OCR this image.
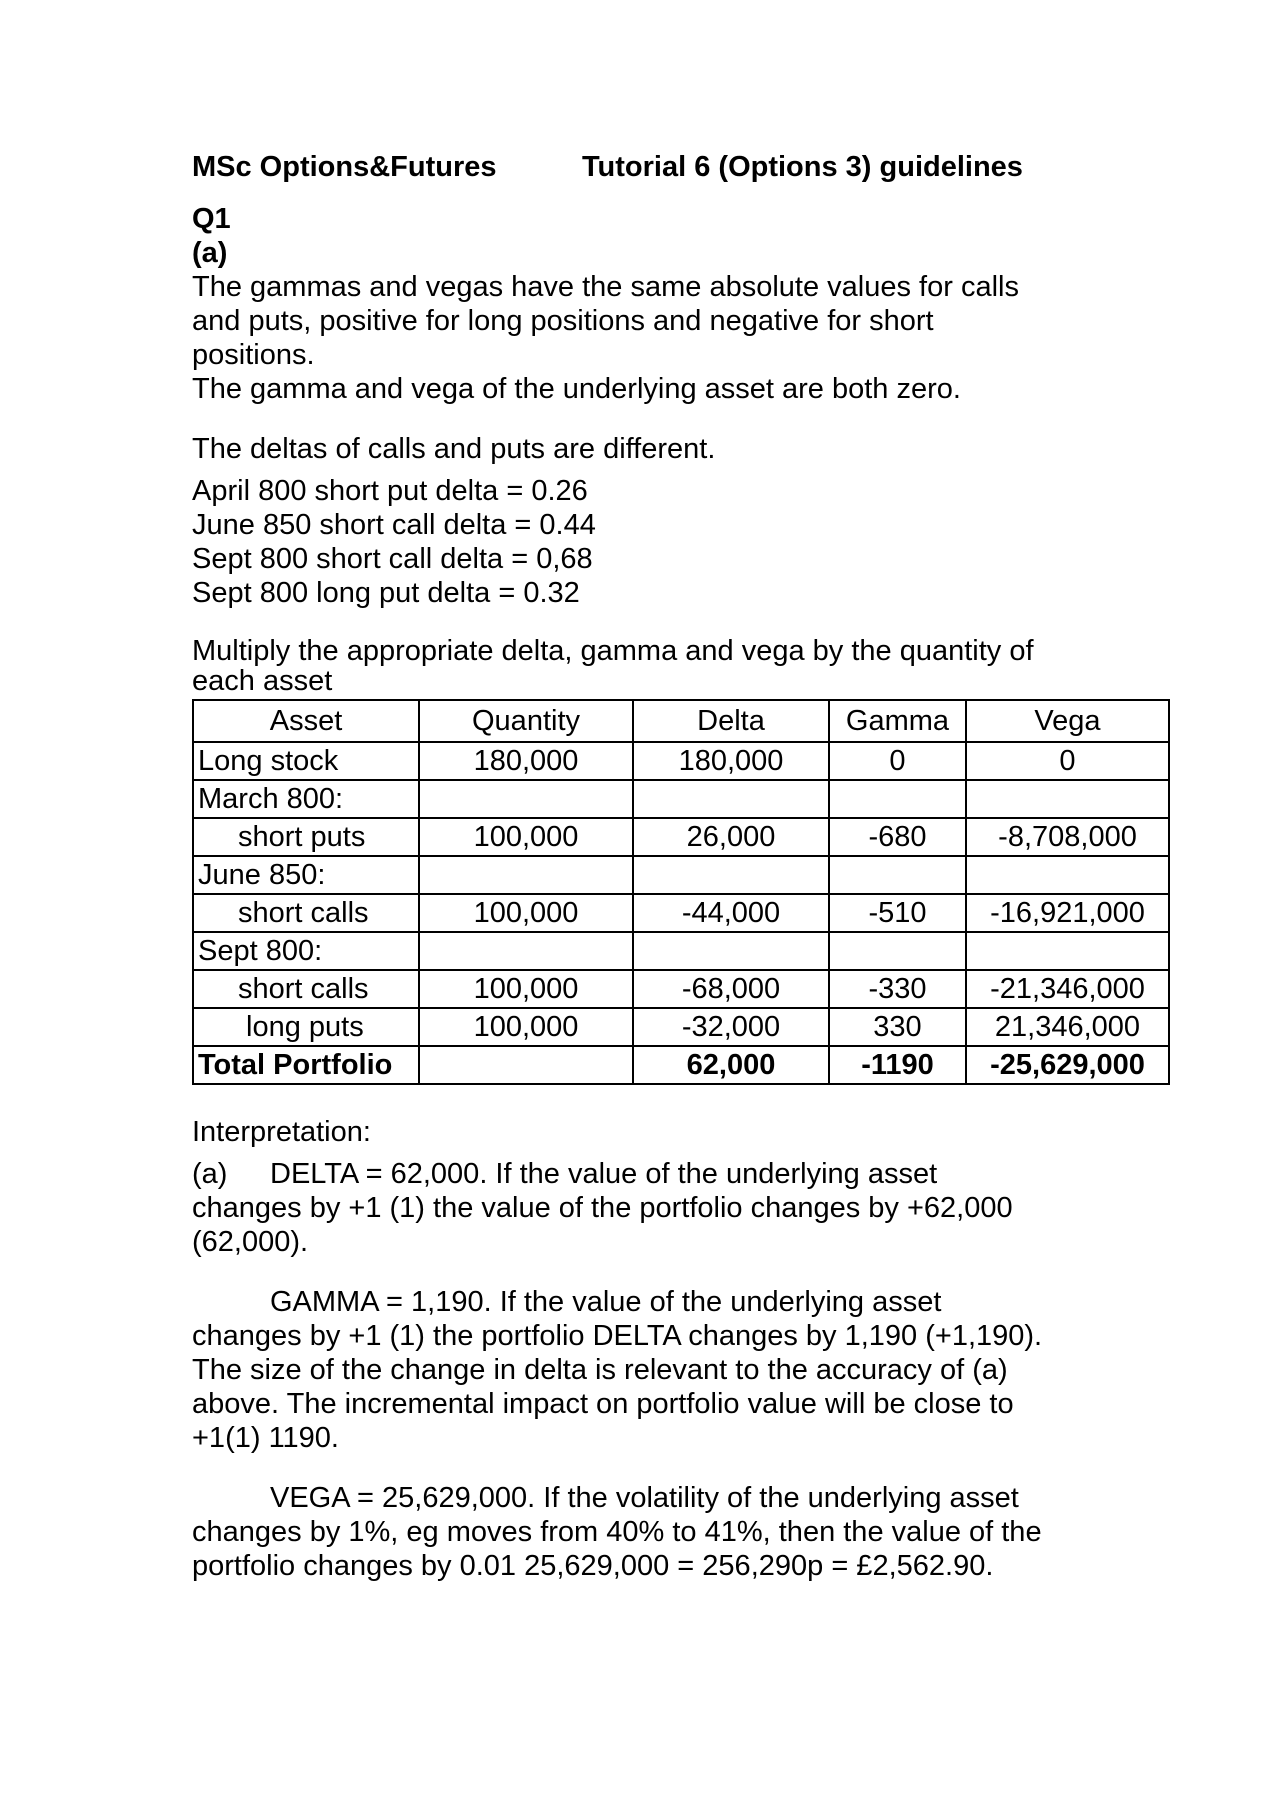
MSc Options&Futures	Tutorial 6 (Options 3) guidelines

Q1

(a)

The gammas and vegas have the same absolute values for calls

and puts, positive for long positions and negative for short

positions.

The gamma and vega of the underlying asset are both zero.

The deltas of calls and puts are different.

April 800 short put delta = 0.26

June 850 short call delta = 0.44

Sept 800 short call delta = 0,68

Sept 800 long put delta = 0.32

Multiply the appropriate delta, gamma and vega by the quantity of

each asset

Asset	Quantity	Delta	Gamma	Vega
Long stock	180,000	180,000	0	0
March 800:				
short puts	100,000	26,000	-680	-8,708,000
June 850:				
short calls	100,000	-44,000	-510	-16,921,000
Sept 800:				
short calls	100,000	-68,000	-330	-21,346,000
long puts	100,000	-32,000	330	21,346,000
Total Portfolio		62,000	-1190	-25,629,000

Interpretation:

(a) DELTA = 62,000. If the value of the underlying asset

changes by +1 (1) the value of the portfolio changes by +62,000

(62,000).

GAMMA = 1,190. If the value of the underlying asset

changes by +1 (1) the portfolio DELTA changes by 1,190 (+1,190).

The size of the change in delta is relevant to the accuracy of (a)

above. The incremental impact on portfolio value will be close to

+1(1) 1190.

VEGA = 25,629,000. If the volatility of the underlying asset

changes by 1%, eg moves from 40% to 41%, then the value of the

portfolio changes by 0.01 25,629,000 = 256,290p = £2,562.90.
